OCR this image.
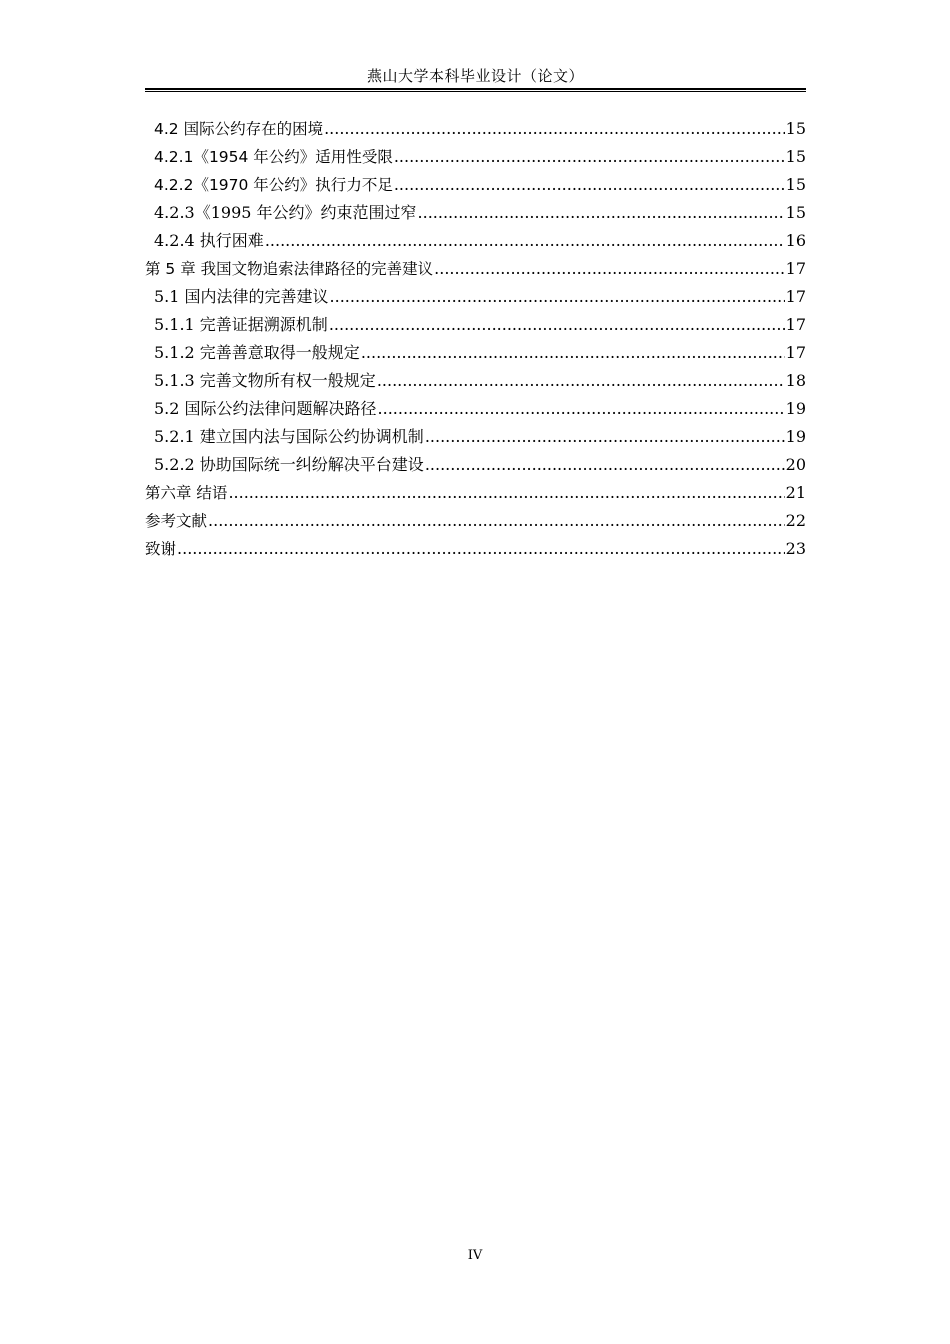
燕山大学本科毕业设计（论文）
4.2 国际公约存在的困境 .....	15
4.2.1《1954 年公约》适用性受限 .....	15
4.2.2《1970 年公约》执行力不足 .....	15
4.2.3《1995 年公约》约束范围过窄 .....	15
4.2.4 执行困难 .....	16
第 5 章 我国文物追索法律路径的完善建议 .....	17
5.1 国内法律的完善建议 .....	17
5.1.1 完善证据溯源机制 .....	17
5.1.2 完善善意取得一般规定 .....	17
5.1.3 完善文物所有权一般规定 .....	18
5.2 国际公约法律问题解决路径 .....	19
5.2.1 建立国内法与国际公约协调机制 .....	19
5.2.2 协助国际统一纠纷解决平台建设 .....	20
第六章 结语 .....	21
参考文献 .....	22
致谢 .....	23
IV
